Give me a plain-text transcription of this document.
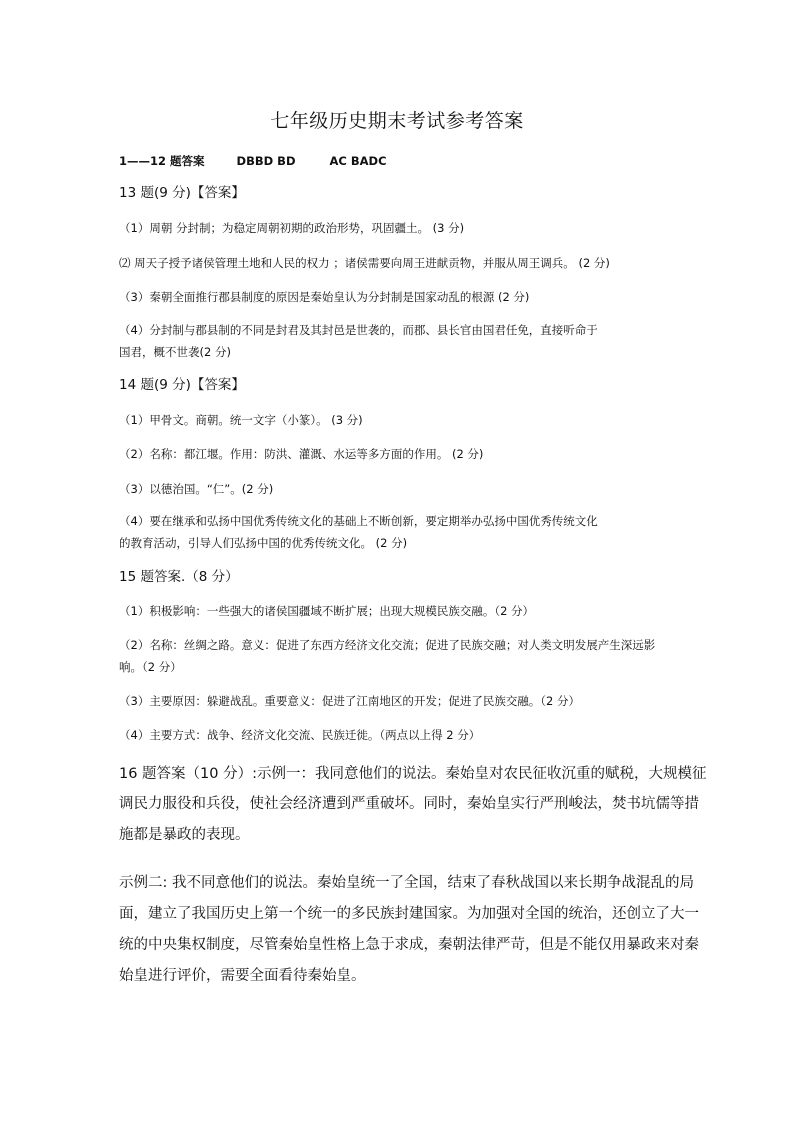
七年级历史期末考试参考答案
1——12 题答案	DBBD BD	AC BADC
13 题(9 分)【答案】
（1）周朝 分封制；为稳定周朝初期的政治形势，巩固疆土。 (3 分)
⑵ 周天子授予诸侯管理土地和人民的权力 ；诸侯需要向周王进献贡物，并服从周王调兵。 (2 分)
（3）秦朝全面推行郡县制度的原因是秦始皇认为分封制是国家动乱的根源 (2 分)
（4）分封制与郡县制的不同是封君及其封邑是世袭的，而郡、县长官由国君任免，直接听命于
国君，概不世袭(2 分)
14 题(9 分)【答案】
（1）甲骨文。商朝。统一文字（小篆）。 (3 分)
（2）名称：都江堰。作用：防洪、灌溉、水运等多方面的作用。 (2 分)
（3）以德治国。“仁”。(2 分)
（4）要在继承和弘扬中国优秀传统文化的基础上不断创新，要定期举办弘扬中国优秀传统文化
的教育活动，引导人们弘扬中国的优秀传统文化。 (2 分)
15 题答案.（8 分）
（1）积极影响：一些强大的诸侯国疆域不断扩展；出现大规模民族交融。（2 分）
（2）名称：丝绸之路。意义：促进了东西方经济文化交流；促进了民族交融；对人类文明发展产生深远影
响。（2 分）
（3）主要原因：躲避战乱。重要意义：促进了江南地区的开发；促进了民族交融。（2 分）
（4）主要方式：战争、经济文化交流、民族迁徙。（两点以上得 2 分）
16 题答案（10 分）:示例一：我同意他们的说法。秦始皇对农民征收沉重的赋税，大规模征
调民力服役和兵役，使社会经济遭到严重破坏。同时，秦始皇实行严刑峻法，焚书坑儒等措
施都是暴政的表现。
示例二: 我不同意他们的说法。秦始皇统一了全国，结束了春秋战国以来长期争战混乱的局
面，建立了我国历史上第一个统一的多民族封建国家。为加强对全国的统治，还创立了大一
统的中央集权制度，尽管秦始皇性格上急于求成，秦朝法律严苛，但是不能仅用暴政来对秦
始皇进行评价，需要全面看待秦始皇。
